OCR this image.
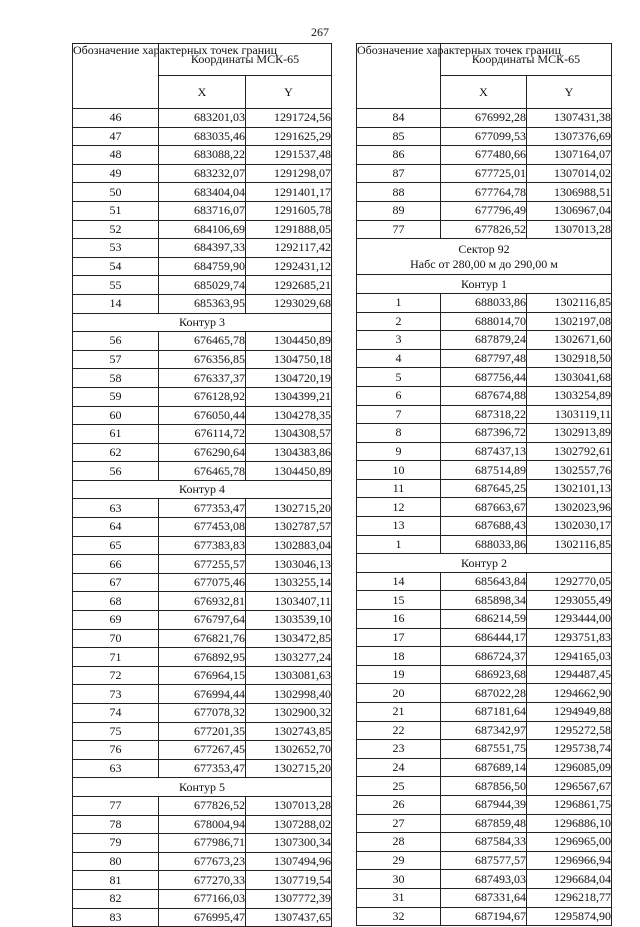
267
Обозначение характерных точек границ	Координаты МСК-65	
	X	Y
46	683201,03	1291724,56
47	683035,46	1291625,29
48	683088,22	1291537,48
49	683232,07	1291298,07
50	683404,04	1291401,17
51	683716,07	1291605,78
52	684106,69	1291888,05
53	684397,33	1292117,42
54	684759,90	1292431,12
55	685029,74	1292685,21
14	685363,95	1293029,68
Контур 3		
56	676465,78	1304450,89
57	676356,85	1304750,18
58	676337,37	1304720,19
59	676128,92	1304399,21
60	676050,44	1304278,35
61	676114,72	1304308,57
62	676290,64	1304383,86
56	676465,78	1304450,89
Контур 4		
63	677353,47	1302715,20
64	677453,08	1302787,57
65	677383,83	1302883,04
66	677255,57	1303046,13
67	677075,46	1303255,14
68	676932,81	1303407,11
69	676797,64	1303539,10
70	676821,76	1303472,85
71	676892,95	1303277,24
72	676964,15	1303081,63
73	676994,44	1302998,40
74	677078,32	1302900,32
75	677201,35	1302743,85
76	677267,45	1302652,70
63	677353,47	1302715,20
Контур 5		
77	677826,52	1307013,28
78	678004,94	1307288,02
79	677986,71	1307300,34
80	677673,23	1307494,96
81	677270,33	1307719,54
82	677166,03	1307772,39
83	676995,47	1307437,65
Обозначение характерных точек границ	Координаты МСК-65	
	X	Y
84	676992,28	1307431,38
85	677099,53	1307376,69
86	677480,66	1307164,07
87	677725,01	1307014,02
88	677764,78	1306988,51
89	677796,49	1306967,04
77	677826,52	1307013,28

Сектор 92
Набс от 280,00 м до 290,00 м		

Контур 1		
1	688033,86	1302116,85
2	688014,70	1302197,08
3	687879,24	1302671,60
4	687797,48	1302918,50
5	687756,44	1303041,68
6	687674,88	1303254,89
7	687318,22	1303119,11
8	687396,72	1302913,89
9	687437,13	1302792,61
10	687514,89	1302557,76
11	687645,25	1302101,13
12	687663,67	1302023,96
13	687688,43	1302030,17
1	688033,86	1302116,85
Контур 2		
14	685643,84	1292770,05
15	685898,34	1293055,49
16	686214,59	1293444,00
17	686444,17	1293751,83
18	686724,37	1294165,03
19	686923,68	1294487,45
20	687022,28	1294662,90
21	687181,64	1294949,88
22	687342,97	1295272,58
23	687551,75	1295738,74
24	687689,14	1296085,09
25	687856,50	1296567,67
26	687944,39	1296861,75
27	687859,48	1296886,10
28	687584,33	1296965,00
29	687577,57	1296966,94
30	687493,03	1296684,04
31	687331,64	1296218,77
32	687194,67	1295874,90
